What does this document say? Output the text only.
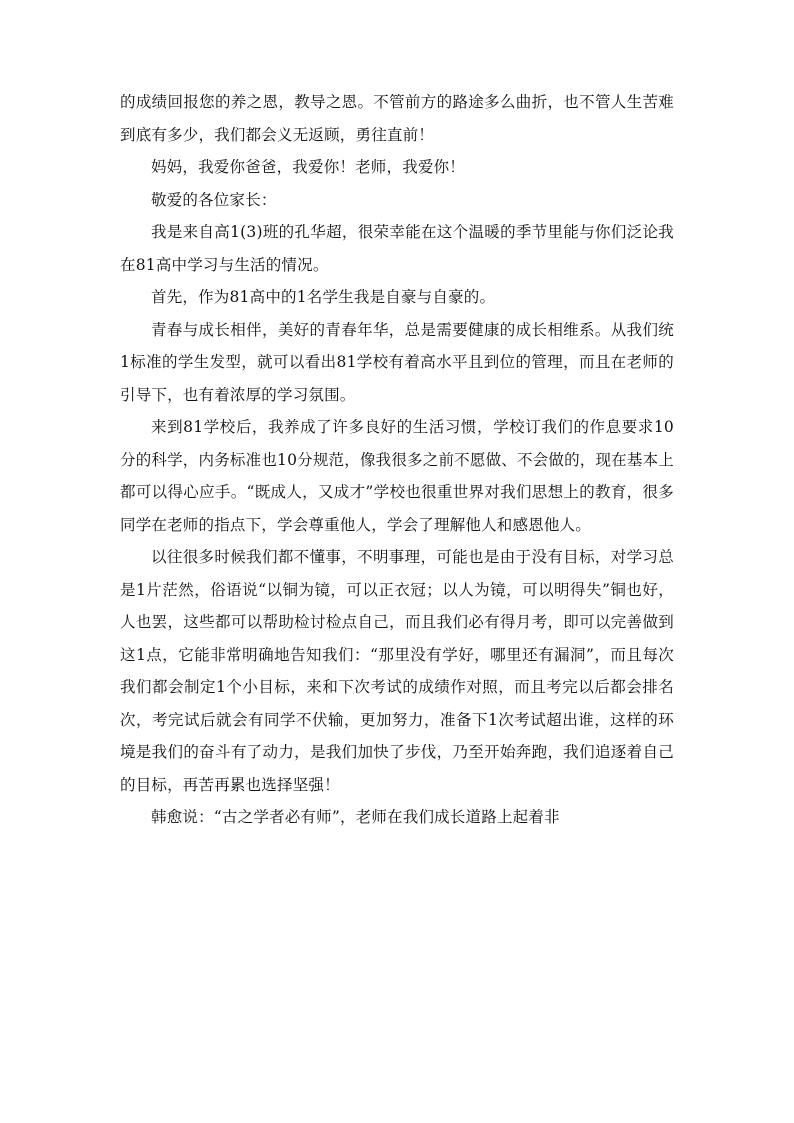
的成绩回报您的养之恩，教导之恩。不管前方的路途多么曲折，也不管人生苦难到底有多少，我们都会义无返顾，勇往直前！

妈妈，我爱你爸爸，我爱你！老师，我爱你！

敬爱的各位家长：

我是来自高1(3)班的孔华超，很荣幸能在这个温暖的季节里能与你们泛论我在81高中学习与生活的情况。

首先，作为81高中的1名学生我是自豪与自豪的。

青春与成长相伴，美好的青春年华，总是需要健康的成长相维系。从我们统1标准的学生发型，就可以看出81学校有着高水平且到位的管理，而且在老师的引导下，也有着浓厚的学习氛围。

来到81学校后，我养成了许多良好的生活习惯，学校订我们的作息要求10分的科学，内务标准也10分规范，像我很多之前不愿做、不会做的，现在基本上都可以得心应手。“既成人，又成才”学校也很重世界对我们思想上的教育，很多同学在老师的指点下，学会尊重他人，学会了理解他人和感恩他人。

以往很多时候我们都不懂事，不明事理，可能也是由于没有目标，对学习总是1片茫然，俗语说“以铜为镜，可以正衣冠；以人为镜，可以明得失”铜也好，人也罢，这些都可以帮助检讨检点自己，而且我们必有得月考，即可以完善做到这1点，它能非常明确地告知我们：“那里没有学好，哪里还有漏洞”，而且每次我们都会制定1个小目标，来和下次考试的成绩作对照，而且考完以后都会排名次，考完试后就会有同学不伏输，更加努力，准备下1次考试超出谁，这样的环境是我们的奋斗有了动力，是我们加快了步伐，乃至开始奔跑，我们追逐着自己的目标，再苦再累也选择坚强！

韩愈说：“古之学者必有师”，老师在我们成长道路上起着非
